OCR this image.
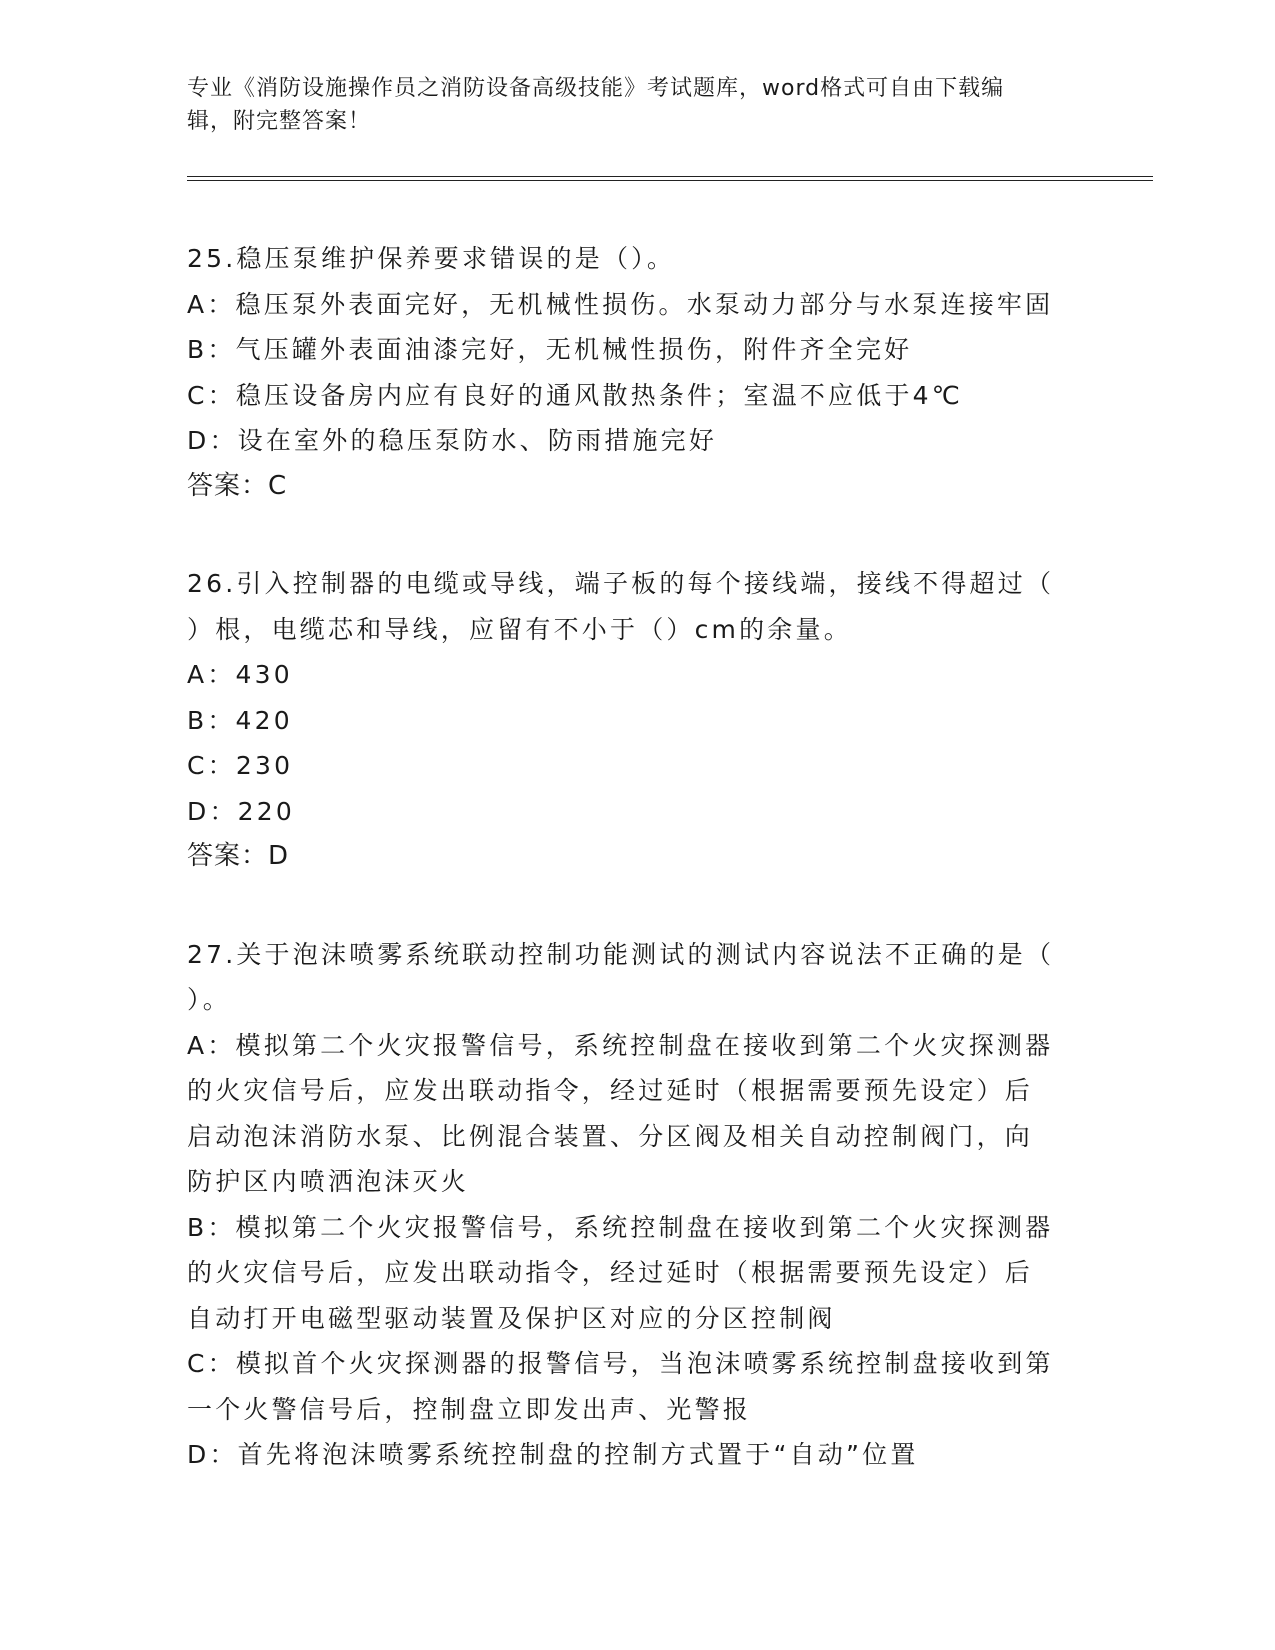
专业《消防设施操作员之消防设备高级技能》考试题库，word格式可自由下载编
辑，附完整答案！
25.稳压泵维护保养要求错误的是（）。
A：稳压泵外表面完好，无机械性损伤。水泵动力部分与水泵连接牢固
B：气压罐外表面油漆完好，无机械性损伤，附件齐全完好
C：稳压设备房内应有良好的通风散热条件；室温不应低于4℃
D：设在室外的稳压泵防水、防雨措施完好
答案：C
26.引入控制器的电缆或导线，端子板的每个接线端，接线不得超过（
）根，电缆芯和导线，应留有不小于（）cm的余量。
A：430
B：420
C：230
D：220
答案：D
27.关于泡沫喷雾系统联动控制功能测试的测试内容说法不正确的是（
）。
A：模拟第二个火灾报警信号，系统控制盘在接收到第二个火灾探测器
的火灾信号后，应发出联动指令，经过延时（根据需要预先设定）后
启动泡沫消防水泵、比例混合装置、分区阀及相关自动控制阀门，向
防护区内喷洒泡沫灭火
B：模拟第二个火灾报警信号，系统控制盘在接收到第二个火灾探测器
的火灾信号后，应发出联动指令，经过延时（根据需要预先设定）后
自动打开电磁型驱动装置及保护区对应的分区控制阀
C：模拟首个火灾探测器的报警信号，当泡沫喷雾系统控制盘接收到第
一个火警信号后，控制盘立即发出声、光警报
D：首先将泡沫喷雾系统控制盘的控制方式置于“自动”位置
